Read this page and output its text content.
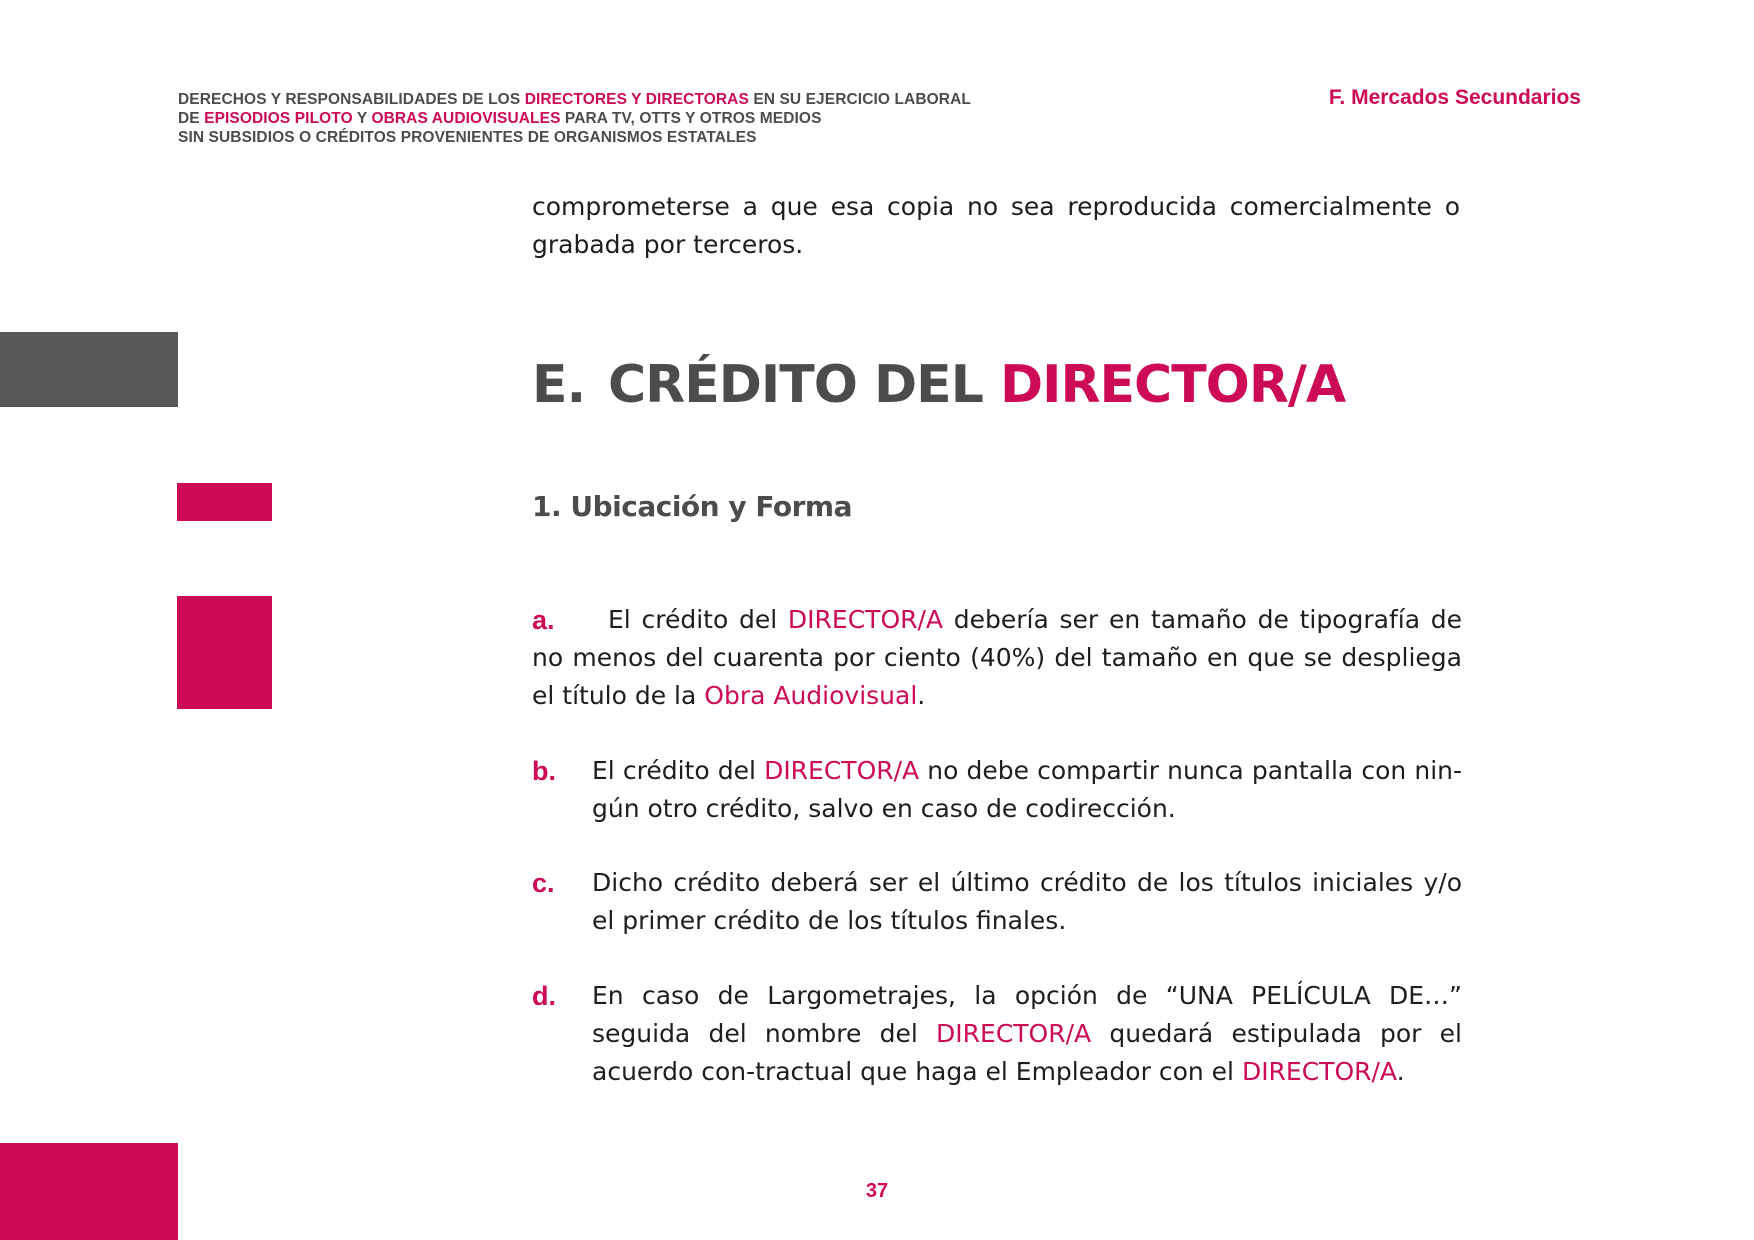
DERECHOS Y RESPONSABILIDADES DE LOS DIRECTORES Y DIRECTORAS EN SU EJERCICIO LABORAL
DE EPISODIOS PILOTO Y OBRAS AUDIOVISUALES PARA TV, OTTS Y OTROS MEDIOS
SIN SUBSIDIOS O CRÉDITOS PROVENIENTES DE ORGANISMOS ESTATALES
F. Mercados Secundarios
comprometerse a que esa copia no sea reproducida comercialmente o grabada por terceros.
E. CRÉDITO DEL DIRECTOR/A
1. Ubicación y Forma
a.	El crédito del DIRECTOR/A debería ser en tamaño de tipografía de no menos del cuarenta por ciento (40%) del tamaño en que se despliega el título de la Obra Audiovisual.
b.	El crédito del DIRECTOR/A no debe compartir nunca pantalla con nin-gún otro crédito, salvo en caso de codirección.
c.	Dicho crédito deberá ser el último crédito de los títulos iniciales y/o el primer crédito de los títulos finales.
d.	En caso de Largometrajes, la opción de “UNA PELÍCULA DE…” seguida del nombre del DIRECTOR/A quedará estipulada por el acuerdo con-tractual que haga el Empleador con el DIRECTOR/A.
37
